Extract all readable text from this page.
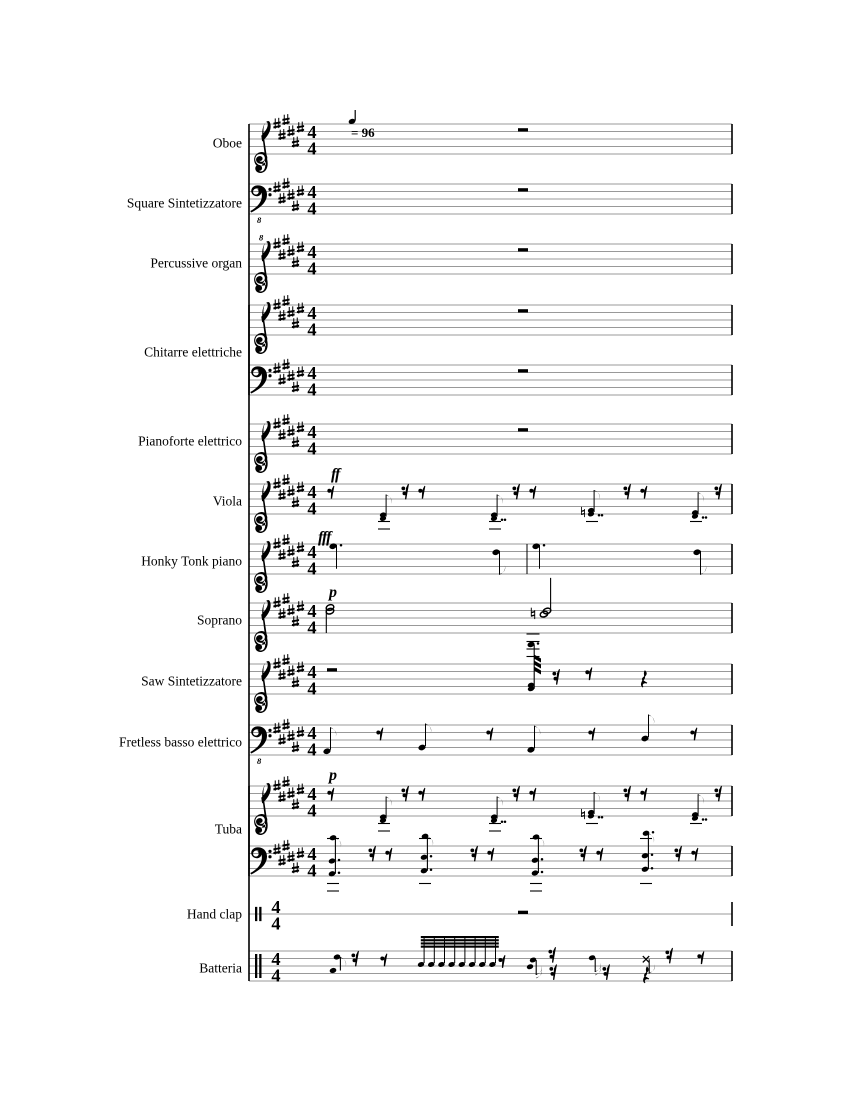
4
4
8
4
4
8
4
4
4
4
4
4
4
4
4
4
4
4
4
4
4
4
8
4
4
4
4
4
4
4
4
4
4
Oboe
Square Sintetizzatore
Percussive organ
Chitarre elettriche
Pianoforte elettrico
Viola
Honky Tonk piano
Soprano
Saw Sintetizzatore
Fretless basso elettrico
Tuba
Hand clap
Batteria
= 96
ff
fff
p
p
